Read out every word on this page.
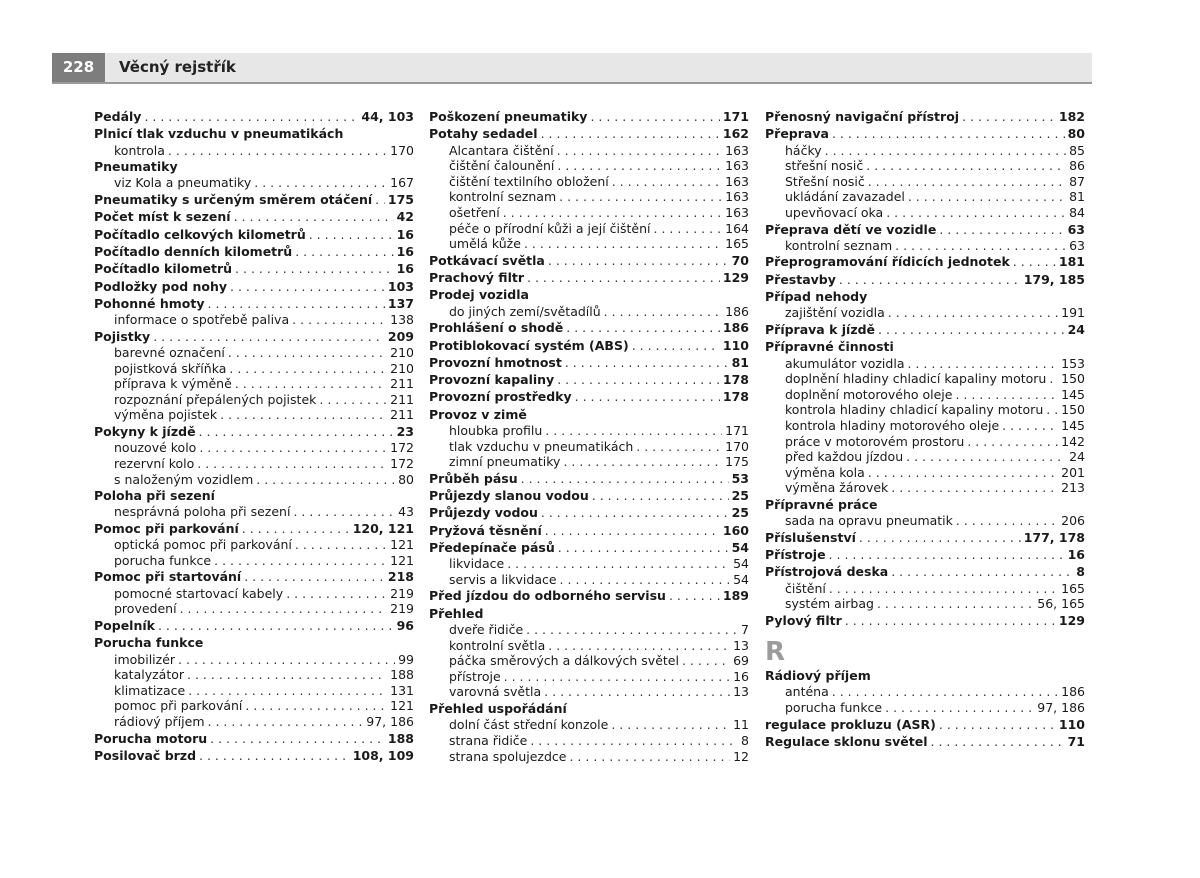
228	Věcný rejstřík
Pedály . . .	44, 103
Plnicí tlak vzduchu v pneumatikách
kontrola . . .	170
Pneumatiky
viz Kola a pneumatiky . . .	167
Pneumatiky s určeným směrem otáčení . . . 175
Počet míst k sezení . . .	42
Počítadlo celkových kilometrů . . .	16
Počítadlo denních kilometrů . . .	16
Počítadlo kilometrů . . .	16
Podložky pod nohy . . .	103
Pohonné hmoty . . .	137
informace o spotřebě paliva . . .	138
Pojistky . . .	209
barevné označení . . .	210
pojistková skříňka . . .	210
příprava k výměně . . .	211
rozpoznání přepálených pojistek . . .	211
výměna pojistek . . .	211
Pokyny k jízdě . . .	23
nouzové kolo . . .	172
rezervní kolo . . .	172
s naloženým vozidlem . . .	80
Poloha při sezení
nesprávná poloha při sezení . . .	43
Pomoc při parkování . . .	120, 121
optická pomoc při parkování . . .	121
porucha funkce . . .	121
Pomoc při startování . . .	218
pomocné startovací kabely . . .	219
provedení . . .	219
Popelník . . .	96
Porucha funkce
imobilizér . . .	99
katalyzátor . . .	188
klimatizace . . .	131
pomoc při parkování . . .	121
rádiový příjem . . .	97, 186
Porucha motoru . . .	188
Posilovač brzd . . .	108, 109
Poškození pneumatiky . . .	171
Potahy sedadel . . .	162
Alcantara čištění . . .	163
čištění čalounění . . .	163
čištění textilního obložení . . .	163
kontrolní seznam . . .	163
ošetření . . .	163
péče o přírodní kůži a její čištění . . .	164
umělá kůže . . .	165
Potkávací světla . . .	70
Prachový filtr . . .	129
Prodej vozidla
do jiných zemí/světadílů . . .	186
Prohlášení o shodě . . .	186
Protiblokovací systém (ABS) . . .	110
Provozní hmotnost . . .	81
Provozní kapaliny . . .	178
Provozní prostředky . . .	178
Provoz v zimě
hloubka profilu . . .	171
tlak vzduchu v pneumatikách . . .	170
zimní pneumatiky . . .	175
Průběh pásu . . .	53
Průjezdy slanou vodou . . .	25
Průjezdy vodou . . .	25
Pryžová těsnění . . .	160
Předepínače pásů . . .	54
likvidace . . .	54
servis a likvidace . . .	54
Před jízdou do odborného servisu . . .	189
Přehled
dveře řidiče . . .	7
kontrolní světla . . .	13
páčka směrových a dálkových světel . . .	69
přístroje . . .	16
varovná světla . . .	13
Přehled uspořádání
dolní část střední konzole . . .	11
strana řidiče . . .	8
strana spolujezdce . . .	12
Přenosný navigační přístroj . . .	182
Přeprava . . .	80
háčky . . .	85
střešní nosič . . .	86
Střešní nosič . . .	87
ukládání zavazadel . . .	81
upevňovací oka . . .	84
Přeprava dětí ve vozidle . . .	63
kontrolní seznam . . .	63
Přeprogramování řídicích jednotek . . .	181
Přestavby . . .	179, 185
Případ nehody
zajištění vozidla . . .	191
Příprava k jízdě . . .	24
Přípravné činnosti
akumulátor vozidla . . .	153
doplnění hladiny chladicí kapaliny motoru . . . 150
doplnění motorového oleje . . .	145
kontrola hladiny chladicí kapaliny motoru . . . 150
kontrola hladiny motorového oleje . . .	145
práce v motorovém prostoru . . .	142
před každou jízdou . . .	24
výměna kola . . .	201
výměna žárovek . . .	213
Přípravné práce
sada na opravu pneumatik . . .	206
Příslušenství . . .	177, 178
Přístroje . . .	16
Přístrojová deska . . .	8
čištění . . .	165
systém airbag . . .	56, 165
Pylový filtr . . .	129
R
Rádiový příjem
anténa . . .	186
porucha funkce . . .	97, 186
regulace prokluzu (ASR) . . .	110
Regulace sklonu světel . . .	71
